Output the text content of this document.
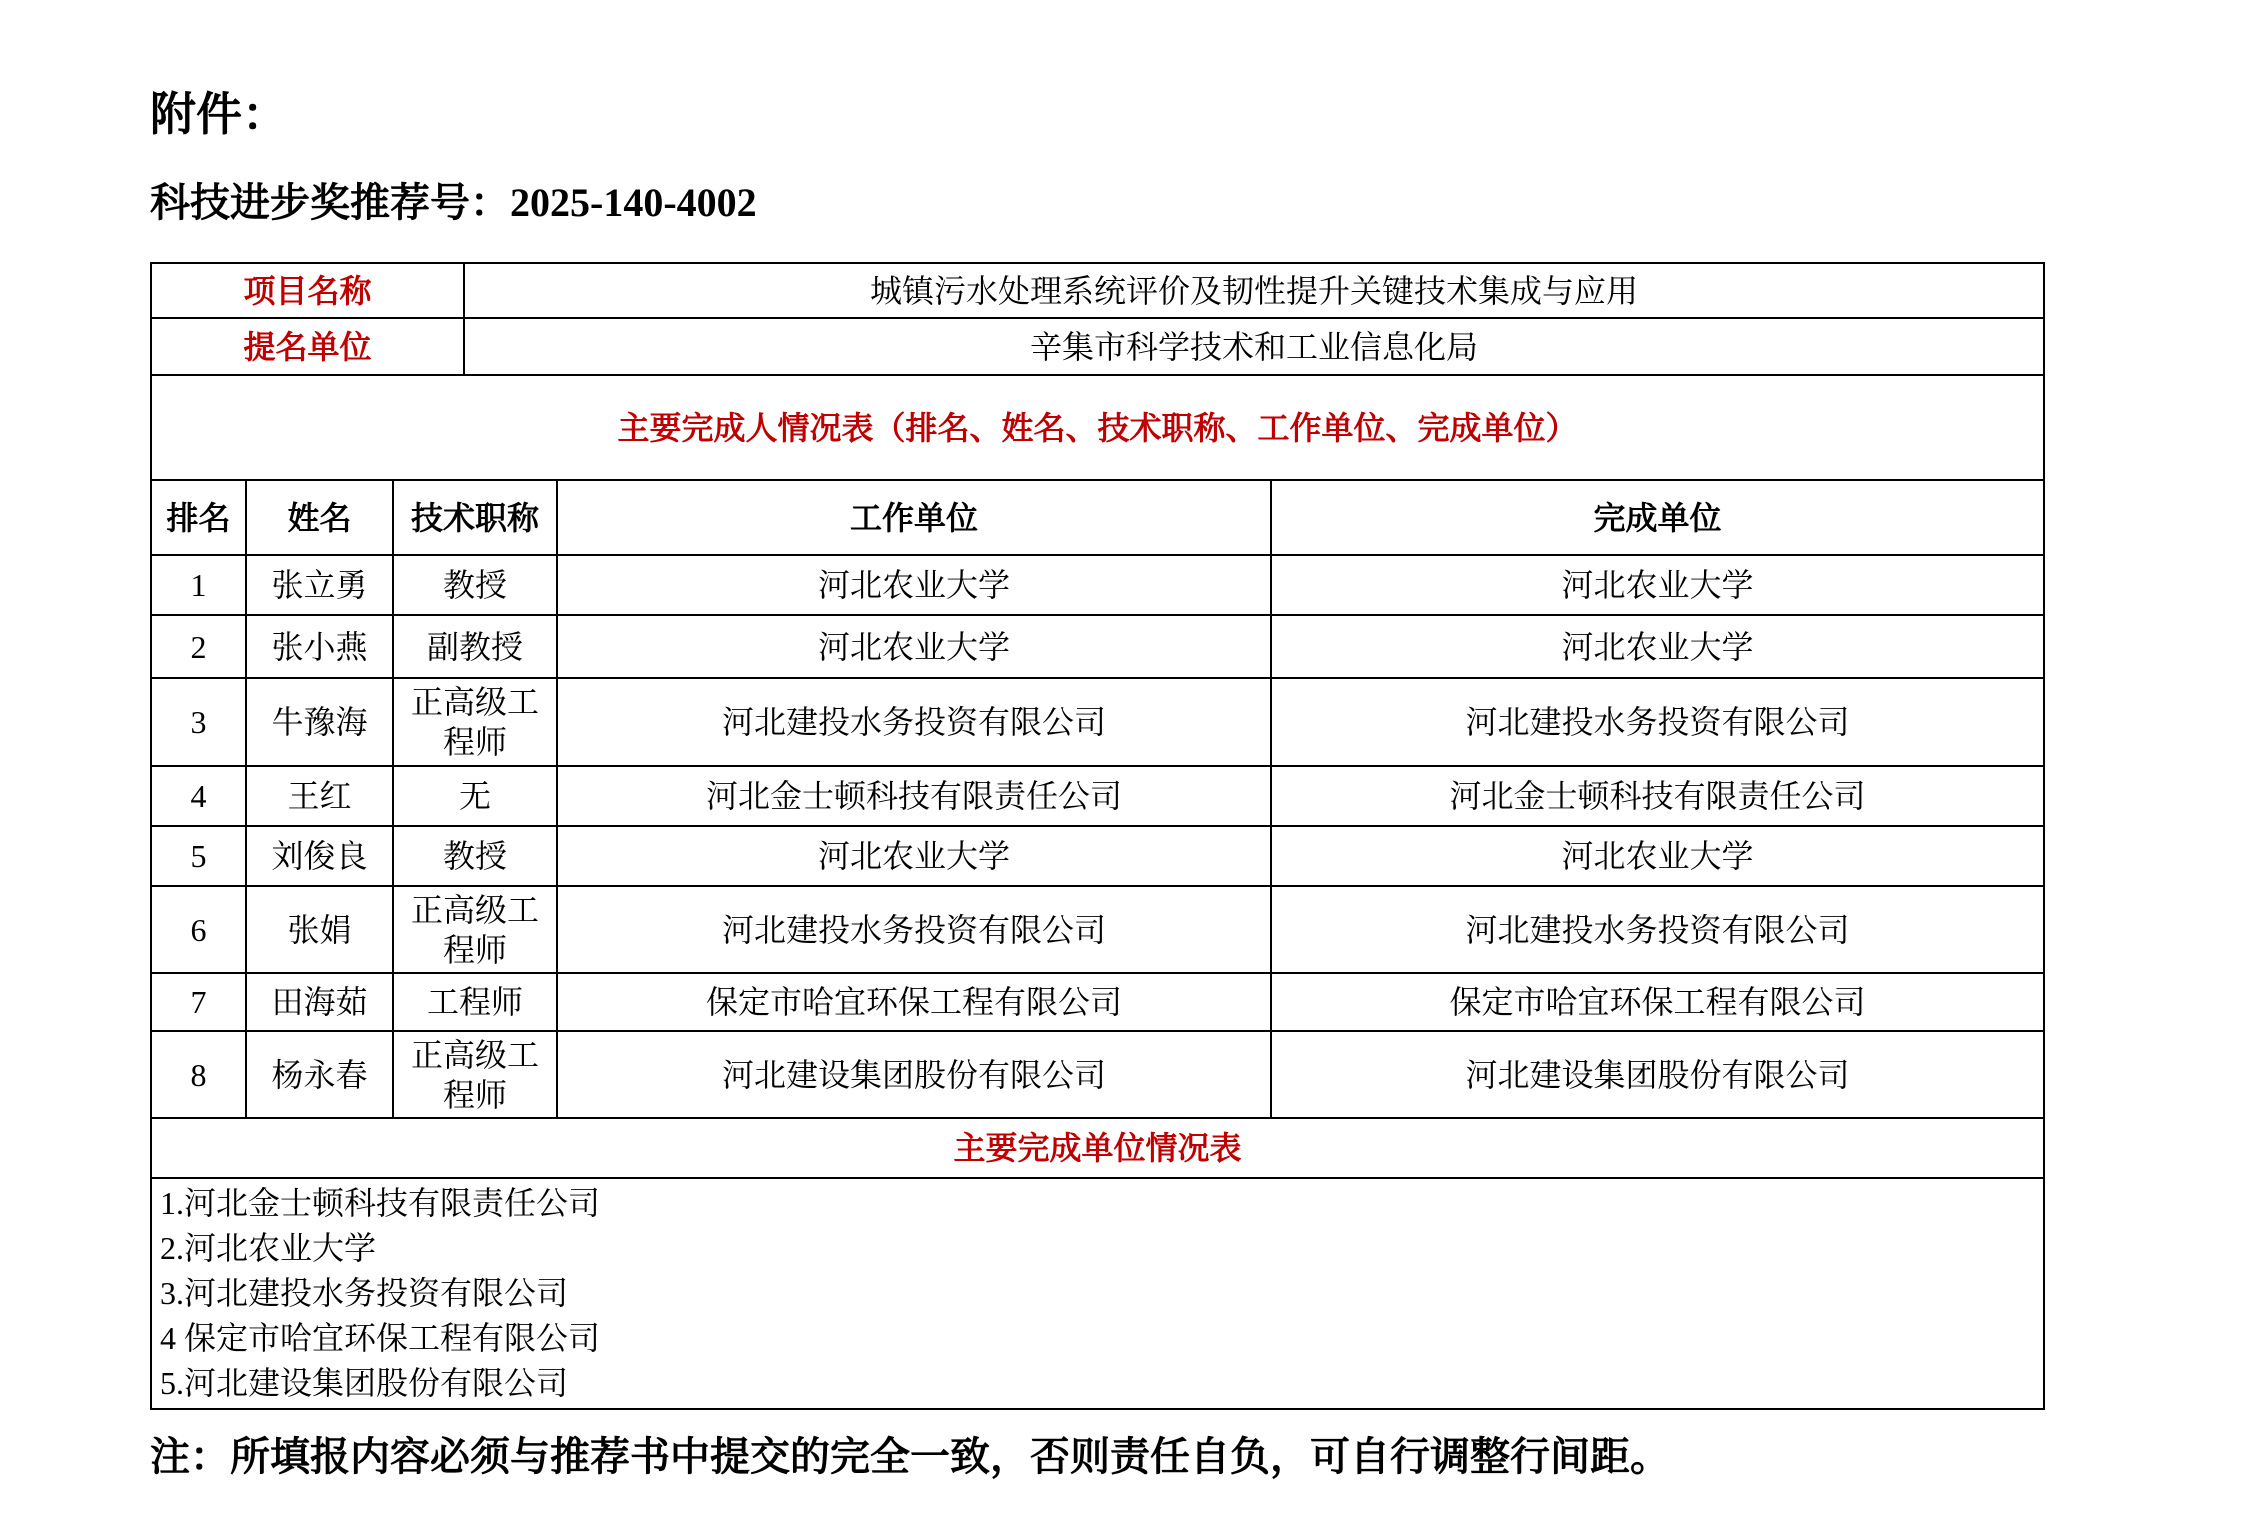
附件：
科技进步奖推荐号：2025-140-4002
项目名称	城镇污水处理系统评价及韧性提升关键技术集成与应用
提名单位	辛集市科学技术和工业信息化局
主要完成人情况表（排名、姓名、技术职称、工作单位、完成单位）	
排名	姓名	技术职称	工作单位	完成单位
1	张立勇	教授	河北农业大学	河北农业大学
2	张小燕	副教授	河北农业大学	河北农业大学
3	牛豫海	正高级工程师	河北建投水务投资有限公司	河北建投水务投资有限公司
4	王红	无	河北金士顿科技有限责任公司	河北金士顿科技有限责任公司
5	刘俊良	教授	河北农业大学	河北农业大学
6	张娟	正高级工程师	河北建投水务投资有限公司	河北建投水务投资有限公司
7	田海茹	工程师	保定市哈宜环保工程有限公司	保定市哈宜环保工程有限公司
8	杨永春	正高级工程师	河北建设集团股份有限公司	河北建设集团股份有限公司
主要完成单位情况表

1.河北金士顿科技有限责任公司
2.河北农业大学
3.河北建投水务投资有限公司
4 保定市哈宜环保工程有限公司
5.河北建设集团股份有限公司
注：所填报内容必须与推荐书中提交的完全一致，否则责任自负，可自行调整行间距。
